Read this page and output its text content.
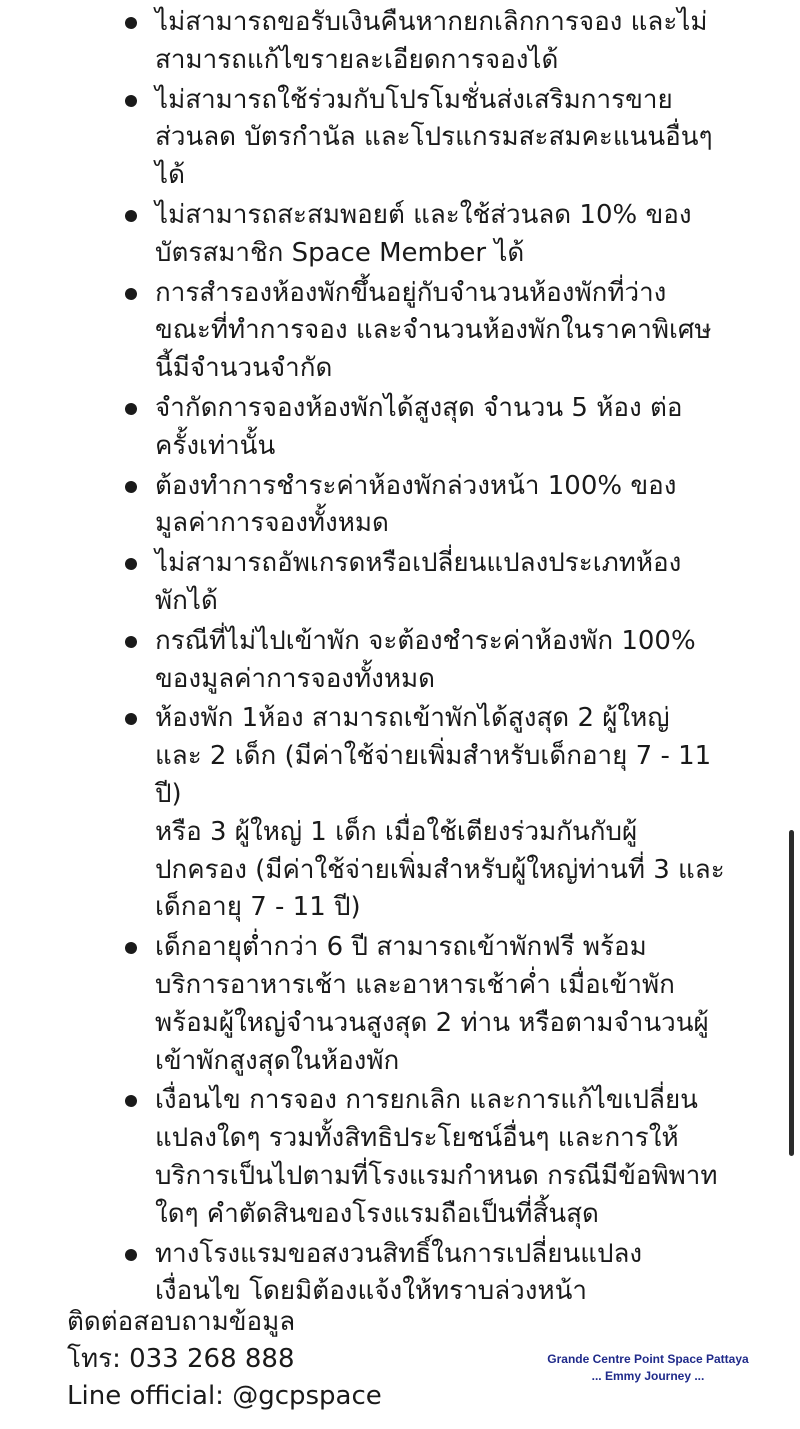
ไม่สามารถขอรับเงินคืนหากยกเลิกการจอง และไม่
สามารถแก้ไขรายละเอียดการจองได้
ไม่สามารถใช้ร่วมกับโปรโมชั่นส่งเสริมการขาย
ส่วนลด บัตรกำนัล และโปรแกรมสะสมคะแนนอื่นๆ
ได้
ไม่สามารถสะสมพอยต์ และใช้ส่วนลด 10% ของ
บัตรสมาชิก Space Member ได้
การสำรองห้องพักขึ้นอยู่กับจำนวนห้องพักที่ว่าง
ขณะที่ทำการจอง และจำนวนห้องพักในราคาพิเศษ
นี้มีจำนวนจำกัด
จำกัดการจองห้องพักได้สูงสุด จำนวน 5 ห้อง ต่อ
ครั้งเท่านั้น
ต้องทำการชำระค่าห้องพักล่วงหน้า 100% ของ
มูลค่าการจองทั้งหมด
ไม่สามารถอัพเกรดหรือเปลี่ยนแปลงประเภทห้อง
พักได้
กรณีที่ไม่ไปเข้าพัก จะต้องชำระค่าห้องพัก 100%
ของมูลค่าการจองทั้งหมด
ห้องพัก 1ห้อง สามารถเข้าพักได้สูงสุด 2 ผู้ใหญ่
และ 2 เด็ก (มีค่าใช้จ่ายเพิ่มสำหรับเด็กอายุ 7 - 11
ปี)
หรือ 3 ผู้ใหญ่ 1 เด็ก เมื่อใช้เตียงร่วมกันกับผู้
ปกครอง (มีค่าใช้จ่ายเพิ่มสำหรับผู้ใหญ่ท่านที่ 3 และ
เด็กอายุ 7 - 11 ปี)
เด็กอายุต่ำกว่า 6 ปี สามารถเข้าพักฟรี พร้อม
บริการอาหารเช้า และอาหารเช้าค่ำ เมื่อเข้าพัก
พร้อมผู้ใหญ่จำนวนสูงสุด 2 ท่าน หรือตามจำนวนผู้
เข้าพักสูงสุดในห้องพัก
เงื่อนไข การจอง การยกเลิก และการแก้ไขเปลี่ยน
แปลงใดๆ รวมทั้งสิทธิประโยชน์อื่นๆ และการให้
บริการเป็นไปตามที่โรงแรมกำหนด กรณีมีข้อพิพาท
ใดๆ คำตัดสินของโรงแรมถือเป็นที่สิ้นสุด
ทางโรงแรมขอสงวนสิทธิ์ในการเปลี่ยนแปลง
เงื่อนไข โดยมิต้องแจ้งให้ทราบล่วงหน้า
ติดต่อสอบถามข้อมูล
โทร: 033 268 888
Line official: @gcpspace
Grande Centre Point Space Pattaya
... Emmy Journey ...
